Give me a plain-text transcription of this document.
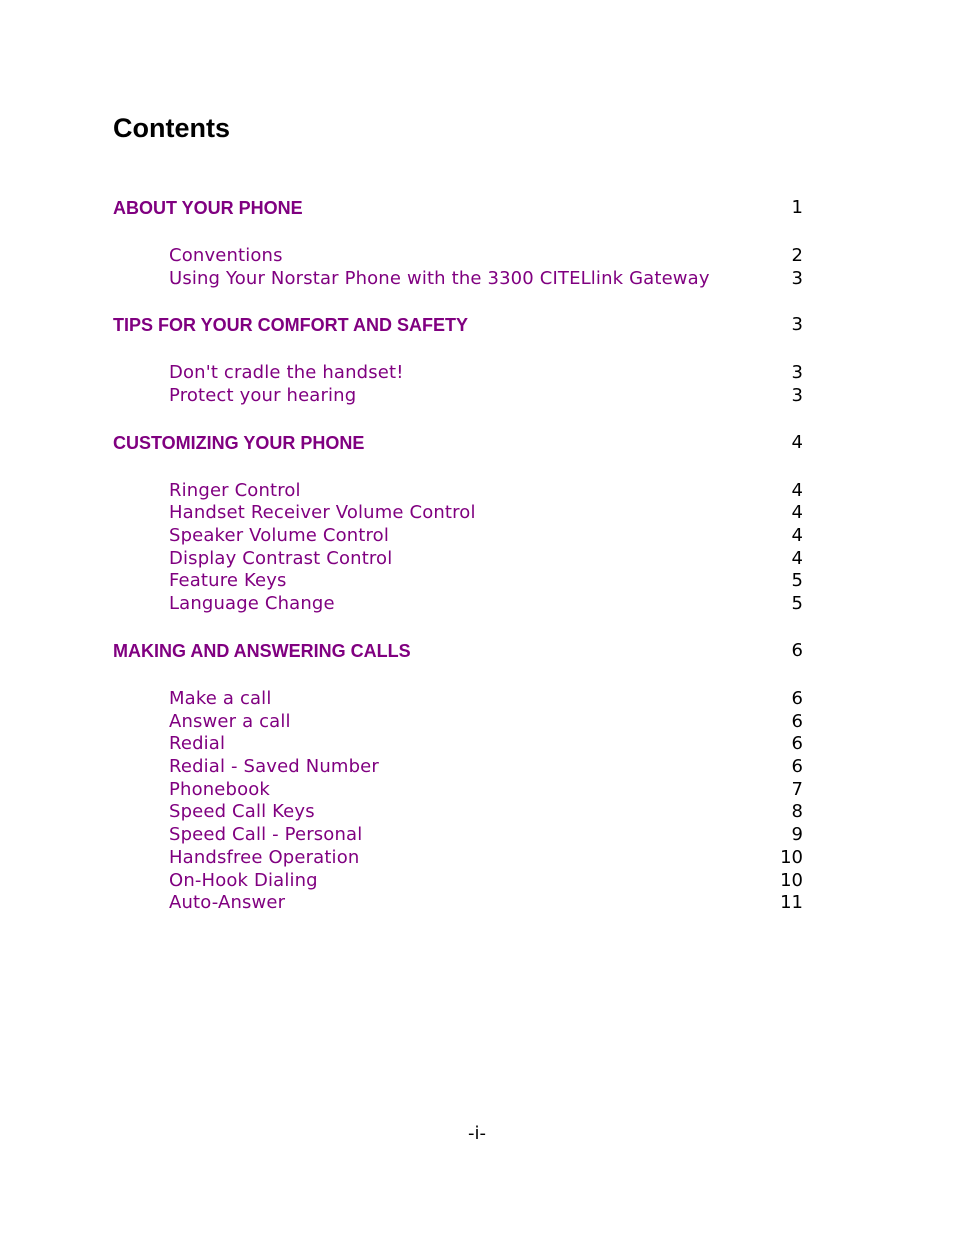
Contents
ABOUT YOUR PHONE	1
Conventions	2
Using Your Norstar Phone with the 3300 CITELlink Gateway	3
TIPS FOR YOUR COMFORT AND SAFETY	3
Don't cradle the handset!	3
Protect your hearing	3
CUSTOMIZING YOUR PHONE	4
Ringer Control	4
Handset Receiver Volume Control	4
Speaker Volume Control	4
Display Contrast Control	4
Feature Keys	5
Language Change	5
MAKING AND ANSWERING CALLS	6
Make a call	6
Answer a call	6
Redial	6
Redial - Saved Number	6
Phonebook	7
Speed Call Keys	8
Speed Call - Personal	9
Handsfree Operation	10
On-Hook Dialing	10
Auto-Answer	11
-i-
